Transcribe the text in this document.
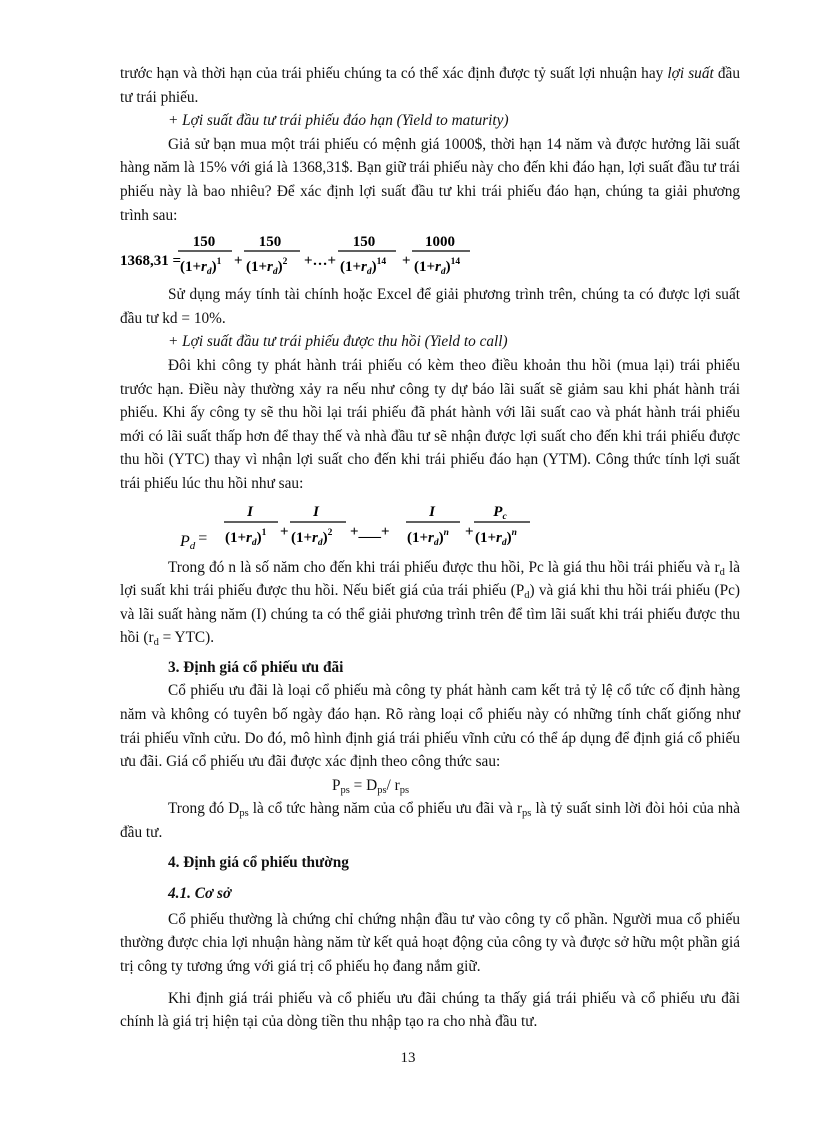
trước hạn và thời hạn của trái phiếu chúng ta có thể xác định được tỷ suất lợi nhuận hay lợi suất đầu tư trái phiếu.

+ Lợi suất đầu tư trái phiếu đáo hạn (Yield to maturity)

Giả sử bạn mua một trái phiếu có mệnh giá 1000$, thời hạn 14 năm và được hưởng lãi suất hàng năm là 15% với giá là 1368,31$. Bạn giữ trái phiếu này cho đến khi đáo hạn, lợi suất đầu tư trái phiếu này là bao nhiêu? Để xác định lợi suất đầu tư khi trái phiếu đáo hạn, chúng ta giải phương trình sau:

1368,31 =
150
$(1+r_d)^1$ +
150
$(1+r_d)^2$ +…+
150
$(1+r_d)^{14}$ +
1000
$(1+r_d)^{14}$

Sử dụng máy tính tài chính hoặc Excel để giải phương trình trên, chúng ta có được lợi suất đầu tư kd = 10%.

+ Lợi suất đầu tư trái phiếu được thu hồi (Yield to call)

Đôi khi công ty phát hành trái phiếu có kèm theo điều khoản thu hồi (mua lại) trái phiếu trước hạn. Điều này thường xảy ra nếu như công ty dự báo lãi suất sẽ giảm sau khi phát hành trái phiếu. Khi ấy công ty sẽ thu hồi lại trái phiếu đã phát hành với lãi suất cao và phát hành trái phiếu mới có lãi suất thấp hơn để thay thế và nhà đầu tư sẽ nhận được lợi suất cho đến khi trái phiếu được thu hồi (YTC) thay vì nhận lợi suất cho đến khi trái phiếu đáo hạn (YTM). Công thức tính lợi suất trái phiếu lúc thu hồi như sau:

Pd =
I
$(1+r_d)^1$ +
I
$(1+r_d)^2$ +___+
I
$(1+r_d)^n$ +
$P_c$
$(1+r_d)^n$

Trong đó n là số năm cho đến khi trái phiếu được thu hồi, Pc là giá thu hồi trái phiếu và $r_d$ là lợi suất khi trái phiếu được thu hồi. Nếu biết giá của trái phiếu $(P_d)$ và giá khi thu hồi trái phiếu (Pc) và lãi suất hàng năm (I) chúng ta có thể giải phương trình trên để tìm lãi suất khi trái phiếu được thu hồi $(r_d = YTC)$.

3. Định giá cổ phiếu ưu đãi

Cổ phiếu ưu đãi là loại cổ phiếu mà công ty phát hành cam kết trả tỷ lệ cổ tức cố định hàng năm và không có tuyên bố ngày đáo hạn. Rõ ràng loại cổ phiếu này có những tính chất giống như trái phiếu vĩnh cửu. Do đó, mô hình định giá trái phiếu vĩnh cửu có thể áp dụng để định giá cổ phiếu ưu đãi. Giá cổ phiếu ưu đãi được xác định theo công thức sau:

$P_{ps} = D_{ps}/$ $r_{ps}$

Trong đó $D_{ps}$ là cổ tức hàng năm của cổ phiếu ưu đãi và $r_{ps}$ là tỷ suất sinh lời đòi hỏi của nhà đầu tư.

4. Định giá cổ phiếu thường

4.1. Cơ sở

Cổ phiếu thường là chứng chỉ chứng nhận đầu tư vào công ty cổ phần. Người mua cổ phiếu thường được chia lợi nhuận hàng năm từ kết quả hoạt động của công ty và được sở hữu một phần giá trị công ty tương ứng với giá trị cổ phiếu họ đang nắm giữ.

Khi định giá trái phiếu và cổ phiếu ưu đãi chúng ta thấy giá trái phiếu và cổ phiếu ưu đãi chính là giá trị hiện tại của dòng tiền thu nhập tạo ra cho nhà đầu tư.

13
